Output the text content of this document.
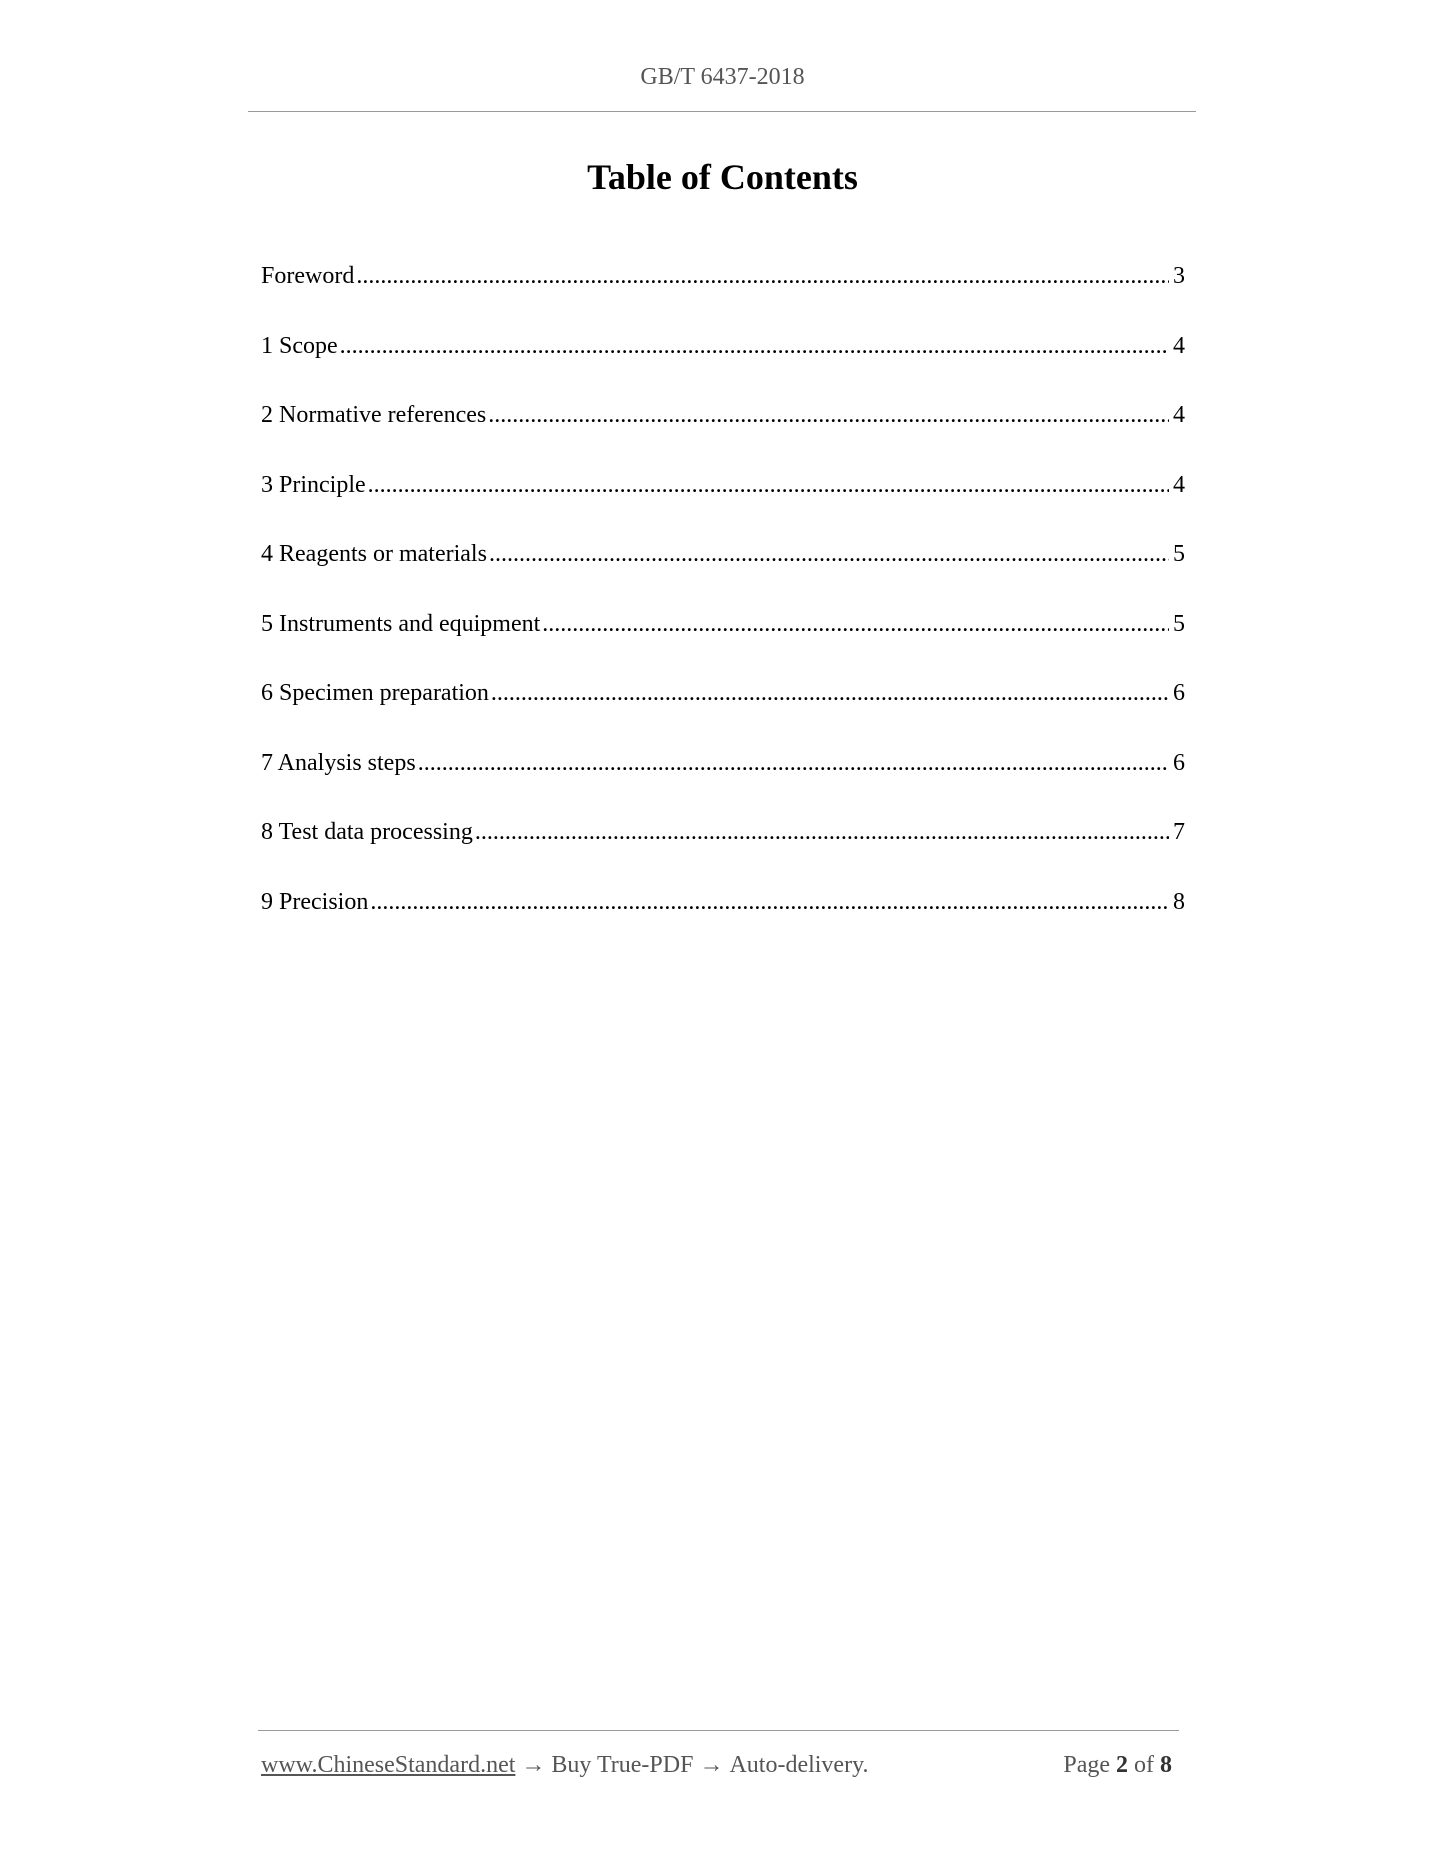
GB/T 6437-2018
Table of Contents
Foreword .....	3
1 Scope .....	4
2 Normative references .....	4
3 Principle .....	4
4 Reagents or materials .....	5
5 Instruments and equipment .....	5
6 Specimen preparation .....	6
7 Analysis steps .....	6
8 Test data processing .....	7
9 Precision .....	8
www.ChineseStandard.net → Buy True-PDF → Auto-delivery.	Page 2 of 8
